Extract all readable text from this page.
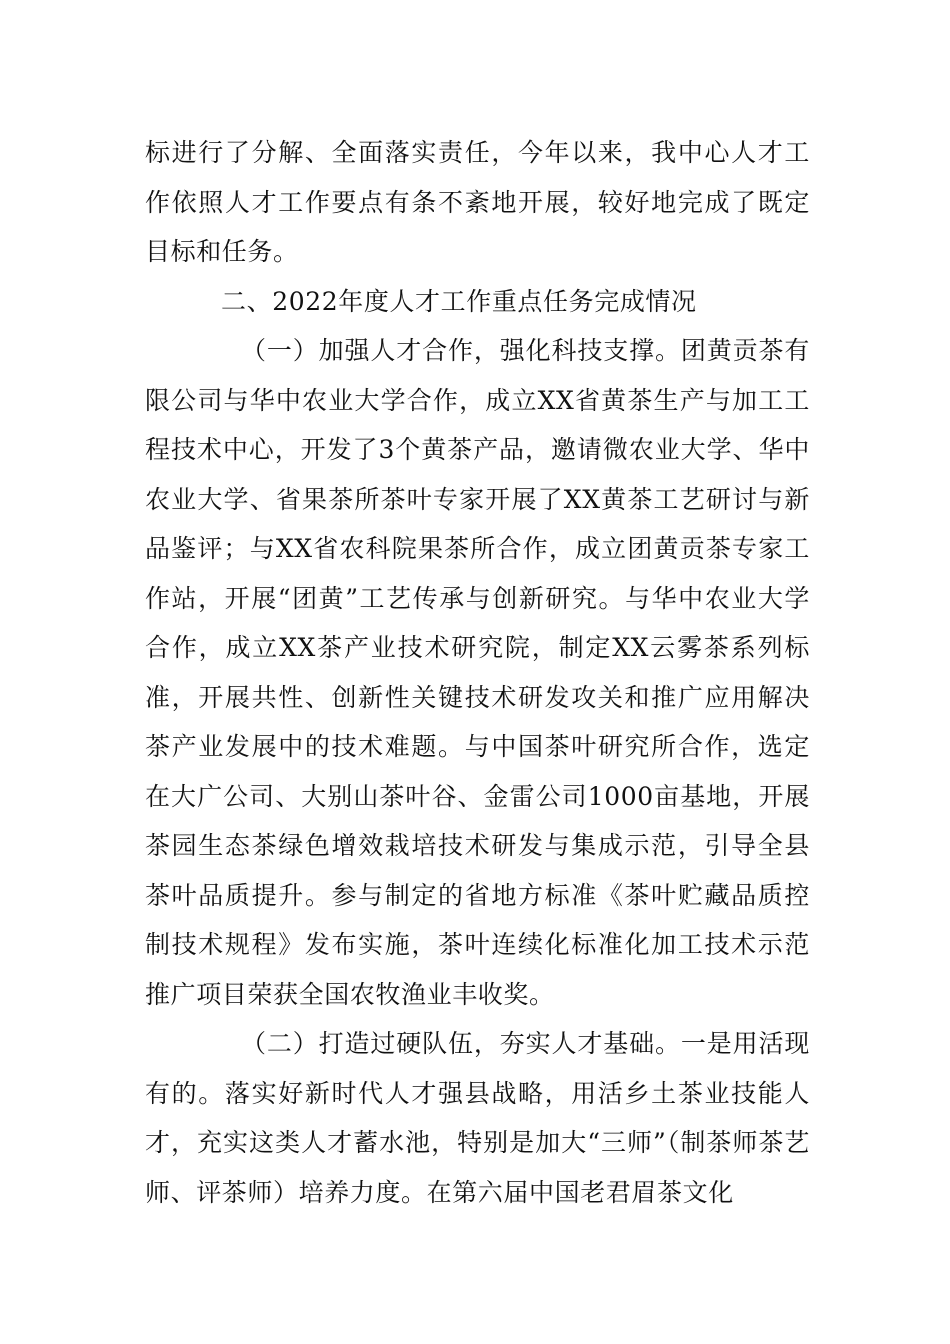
标进行了分解、全面落实责任，今年以来，我中心人才工作依照人才工作要点有条不紊地开展，较好地完成了既定目标和任务。

二、2022年度人才工作重点任务完成情况

（一）加强人才合作，强化科技支撑。团黄贡茶有限公司与华中农业大学合作，成立XX省黄茶生产与加工工程技术中心，开发了3个黄茶产品，邀请微农业大学、华中农业大学、省果茶所茶叶专家开展了XX黄茶工艺研讨与新品鉴评；与XX省农科院果茶所合作，成立团黄贡茶专家工作站，开展“团黄”工艺传承与创新研究。与华中农业大学合作，成立XX茶产业技术研究院，制定XX云雾茶系列标准，开展共性、创新性关键技术研发攻关和推广应用解决茶产业发展中的技术难题。与中国茶叶研究所合作，选定在大广公司、大别山茶叶谷、金雷公司1000亩基地，开展茶园生态茶绿色增效栽培技术研发与集成示范，引导全县茶叶品质提升。参与制定的省地方标准《茶叶贮藏品质控制技术规程》发布实施，茶叶连续化标准化加工技术示范推广项目荣获全国农牧渔业丰收奖。

（二）打造过硬队伍，夯实人才基础。一是用活现有的。落实好新时代人才强县战略，用活乡土茶业技能人才，充实这类人才蓄水池，特别是加大“三师”（制茶师茶艺师、评茶师）培养力度。在第六届中国老君眉茶文化
